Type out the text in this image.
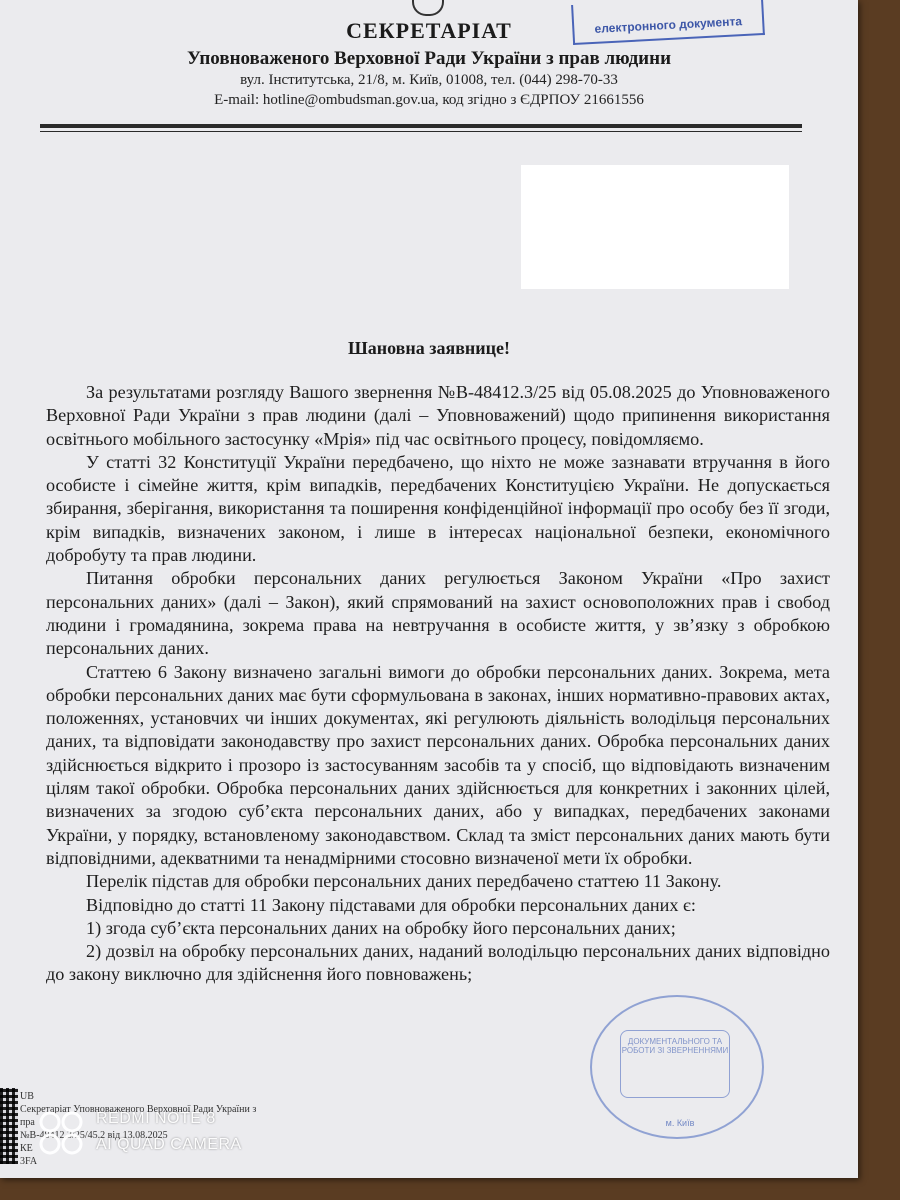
електронного документа
СЕКРЕТАРІАТ
Уповноваженого Верховної Ради України з прав людини
вул. Інститутська, 21/8, м. Київ, 01008, тел. (044) 298-70-33
E-mail: hotline@ombudsman.gov.ua, код згідно з ЄДРПОУ 21661556
Шановна заявнице!

За результатами розгляду Вашого звернення №В-48412.3/25 від 05.08.2025 до Уповноваженого Верховної Ради України з прав людини (далі – Уповноважений) щодо припинення використання освітнього мобільного застосунку «Мрія» під час освітнього процесу, повідомляємо.

У статті 32 Конституції України передбачено, що ніхто не може зазнавати втручання в його особисте і сімейне життя, крім випадків, передбачених Конституцією України. Не допускається збирання, зберігання, використання та поширення конфіденційної інформації про особу без її згоди, крім випадків, визначених законом, і лише в інтересах національної безпеки, економічного добробуту та прав людини.

Питання обробки персональних даних регулюється Законом України «Про захист персональних даних» (далі – Закон), який спрямований на захист основоположних прав і свобод людини і громадянина, зокрема права на невтручання в особисте життя, у зв’язку з обробкою персональних даних.

Статтею 6 Закону визначено загальні вимоги до обробки персональних даних. Зокрема, мета обробки персональних даних має бути сформульована в законах, інших нормативно-правових актах, положеннях, установчих чи інших документах, які регулюють діяльність володільця персональних даних, та відповідати законодавству про захист персональних даних. Обробка персональних даних здійснюється відкрито і прозоро із застосуванням засобів та у спосіб, що відповідають визначеним цілям такої обробки. Обробка персональних даних здійснюється для конкретних і законних цілей, визначених за згодою суб’єкта персональних даних, або у випадках, передбачених законами України, у порядку, встановленому законодавством. Склад та зміст персональних даних мають бути відповідними, адекватними та ненадмірними стосовно визначеної мети їх обробки.

Перелік підстав для обробки персональних даних передбачено статтею 11 Закону.

Відповідно до статті 11 Закону підставами для обробки персональних даних є:

1) згода суб’єкта персональних даних на обробку його персональних даних;

2) дозвіл на обробку персональних даних, наданий володільцю персональних даних відповідно до закону виключно для здійснення його повноважень;

ДОКУМЕНТАЛЬНОГО ТА РОБОТИ ЗІ ЗВЕРНЕННЯМИ
м. Київ
UB
Секретаріат Уповноваженого Верховної Ради України з
пра
№В-48412.3/25/45.2 від 13.08.2025
КЕ
3FA
REDMI NOTE 8
AI QUAD CAMERA
